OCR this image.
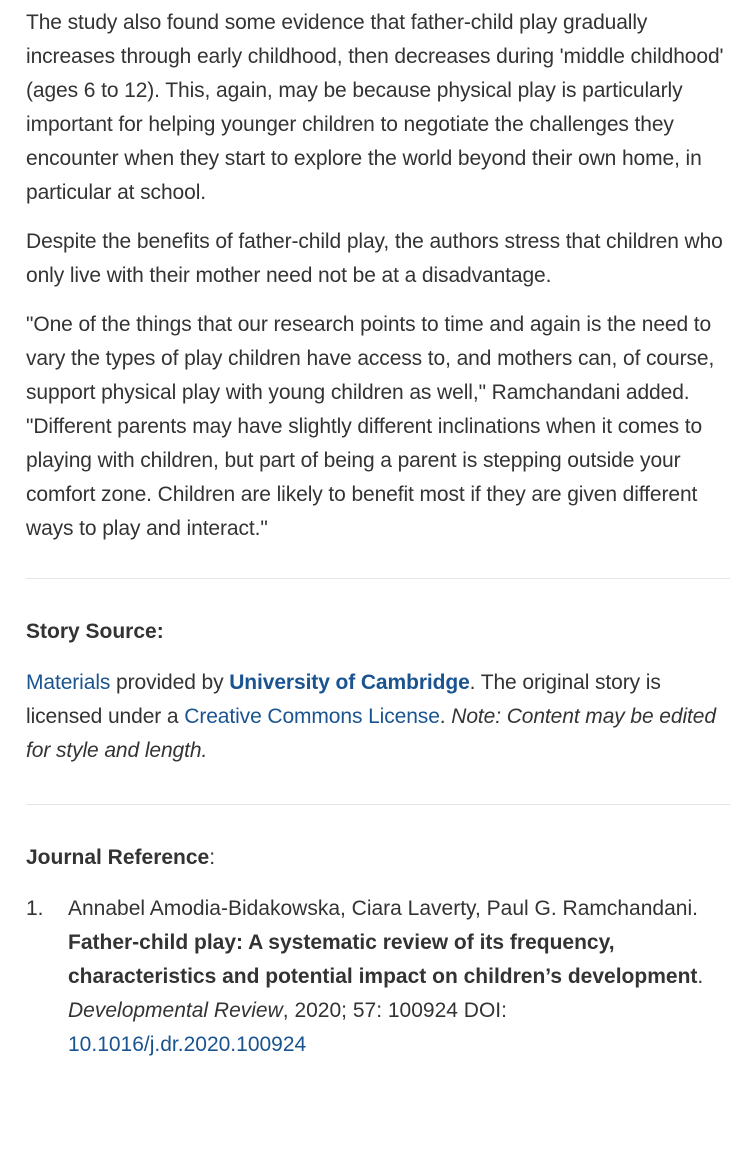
The study also found some evidence that father-child play gradually increases through early childhood, then decreases during 'middle childhood' (ages 6 to 12). This, again, may be because physical play is particularly important for helping younger children to negotiate the challenges they encounter when they start to explore the world beyond their own home, in particular at school.

Despite the benefits of father-child play, the authors stress that children who only live with their mother need not be at a disadvantage.

"One of the things that our research points to time and again is the need to vary the types of play children have access to, and mothers can, of course, support physical play with young children as well," Ramchandani added. "Different parents may have slightly different inclinations when it comes to playing with children, but part of being a parent is stepping outside your comfort zone. Children are likely to benefit most if they are given different ways to play and interact."

Story Source:

Materials provided by University of Cambridge. The original story is licensed under a Creative Commons License. Note: Content may be edited for style and length.

Journal Reference:
1. Annabel Amodia-Bidakowska, Ciara Laverty, Paul G. Ramchandani. Father-child play: A systematic review of its frequency, characteristics and potential impact on children’s development. Developmental Review, 2020; 57: 100924 DOI: 10.1016/j.dr.2020.100924
